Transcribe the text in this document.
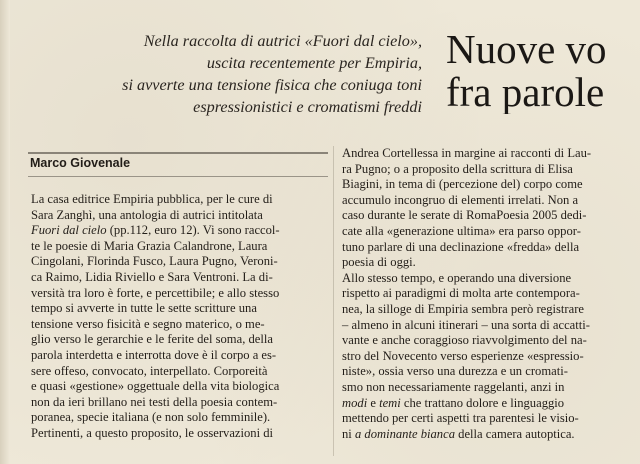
Nella raccolta di autrici «Fuori dal cielo»,
uscita recentemente per Empiria,
si avverte una tensione fisica che coniuga toni
espressionistici e cromatismi freddi
Nuove vo
fra parole
Marco Giovenale
La casa editrice Empiria pubblica, per le cure di
Sara Zanghì, una antologia di autrici intitolata
Fuori dal cielo (pp.112, euro 12). Vi sono raccol-
te le poesie di Maria Grazia Calandrone, Laura
Cingolani, Florinda Fusco, Laura Pugno, Veroni-
ca Raimo, Lidia Riviello e Sara Ventroni. La di-
versità tra loro è forte, e percettibile; e allo stesso
tempo si avverte in tutte le sette scritture una
tensione verso fisicità e segno materico, o me-
glio verso le gerarchie e le ferite del soma, della
parola interdetta e interrotta dove è il corpo a es-
sere offeso, convocato, interpellato. Corporeità
e quasi «gestione» oggettuale della vita biologica
non da ieri brillano nei testi della poesia contem-
poranea, specie italiana (e non solo femminile).
Pertinenti, a questo proposito, le osservazioni di
Andrea Cortellessa in margine ai racconti di Lau-
ra Pugno; o a proposito della scrittura di Elisa
Biagini, in tema di (percezione del) corpo come
accumulo incongruo di elementi irrelati. Non a
caso durante le serate di RomaPoesia 2005 dedi-
cate alla «generazione ultima» era parso oppor-
tuno parlare di una declinazione «fredda» della
poesia di oggi.
Allo stesso tempo, e operando una diversione
rispetto ai paradigmi di molta arte contempora-
nea, la silloge di Empiria sembra però registrare
– almeno in alcuni itinerari – una sorta di accatti-
vante e anche coraggioso riavvolgimento del na-
stro del Novecento verso esperienze «espressio-
niste», ossia verso una durezza e un cromati-
smo non necessariamente raggelanti, anzi in
modi e temi che trattano dolore e linguaggio
mettendo per certi aspetti tra parentesi le visio-
ni a dominante bianca della camera autoptica.
